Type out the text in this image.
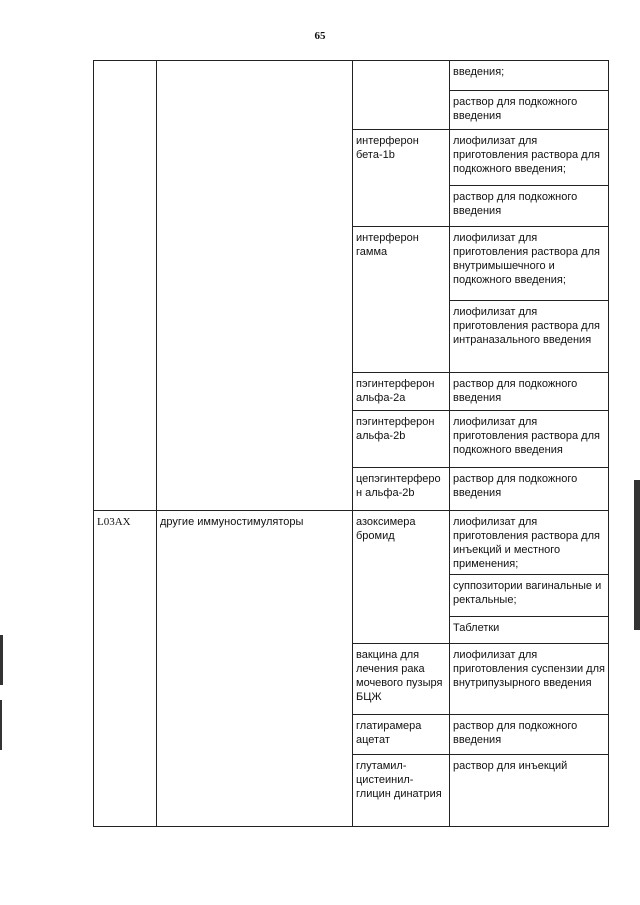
65
			введения;
			раствор для подкожного введения
		интерферон бета-1b	лиофилизат для приготовления раствора для подкожного введения;
			раствор для подкожного введения
		интерферон гамма	лиофилизат для приготовления раствора для внутримышечного и подкожного введения;
			лиофилизат для приготовления раствора для интраназального введения
		пэгинтерферон альфа-2a	раствор для подкожного введения
		пэгинтерферон альфа-2b	лиофилизат для приготовления раствора для подкожного введения
		цепэгинтерферо н альфа-2b	раствор для подкожного введения
L03AX	другие иммуностимуляторы	азоксимера бромид	лиофилизат для приготовления раствора для инъекций и местного применения;
			суппозитории вагинальные и ректальные;
			Таблетки
		вакцина для лечения рака мочевого пузыря БЦЖ	лиофилизат для приготовления суспензии для внутрипузырного введения
		глатирамера ацетат	раствор для подкожного введения
		глутамил-цистеинил-глицин динатрия	раствор для инъекций
